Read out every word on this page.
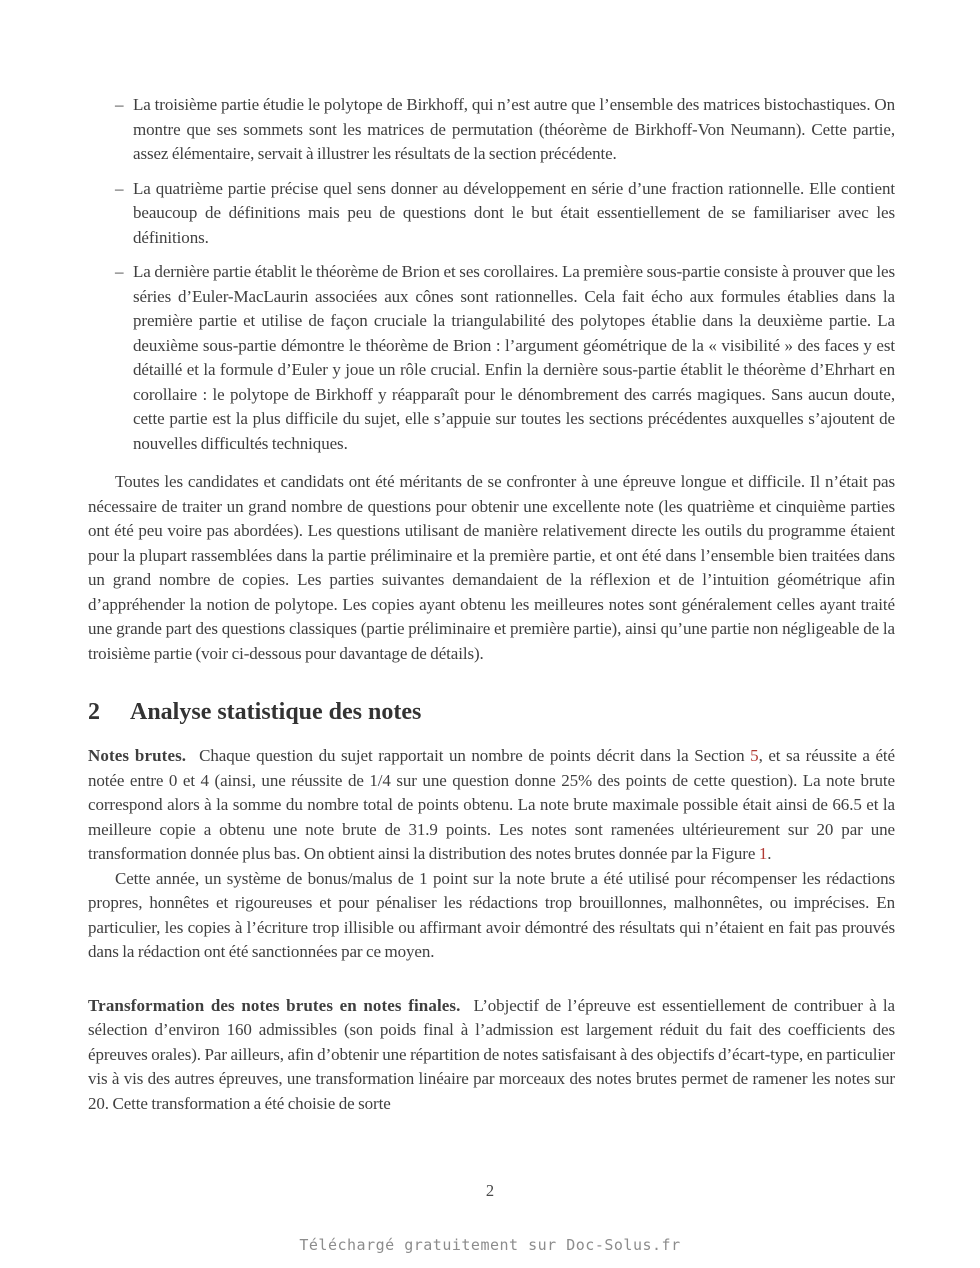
– La troisième partie étudie le polytope de Birkhoff, qui n’est autre que l’ensemble des matrices bistochastiques. On montre que ses sommets sont les matrices de permutation (théorème de Birkhoff-Von Neumann). Cette partie, assez élémentaire, servait à illustrer les résultats de la section précédente.
– La quatrième partie précise quel sens donner au développement en série d’une fraction rationnelle. Elle contient beaucoup de définitions mais peu de questions dont le but était essentiellement de se familiariser avec les définitions.
– La dernière partie établit le théorème de Brion et ses corollaires. La première sous-partie consiste à prouver que les séries d’Euler-MacLaurin associées aux cônes sont rationnelles. Cela fait écho aux formules établies dans la première partie et utilise de façon cruciale la triangulabilité des polytopes établie dans la deuxième partie. La deuxième sous-partie démontre le théorème de Brion : l’argument géométrique de la « visibilité » des faces y est détaillé et la formule d’Euler y joue un rôle crucial. Enfin la dernière sous-partie établit le théorème d’Ehrhart en corollaire : le polytope de Birkhoff y réapparaît pour le dénombrement des carrés magiques. Sans aucun doute, cette partie est la plus difficile du sujet, elle s’appuie sur toutes les sections précédentes auxquelles s’ajoutent de nouvelles difficultés techniques.

Toutes les candidates et candidats ont été méritants de se confronter à une épreuve longue et difficile. Il n’était pas nécessaire de traiter un grand nombre de questions pour obtenir une excellente note (les quatrième et cinquième parties ont été peu voire pas abordées). Les questions utilisant de manière relativement directe les outils du programme étaient pour la plupart rassemblées dans la partie préliminaire et la première partie, et ont été dans l’ensemble bien traitées dans un grand nombre de copies. Les parties suivantes demandaient de la réflexion et de l’intuition géométrique afin d’appréhender la notion de polytope. Les copies ayant obtenu les meilleures notes sont généralement celles ayant traité une grande part des questions classiques (partie préliminaire et première partie), ainsi qu’une partie non négligeable de la troisième partie (voir ci-dessous pour davantage de détails).

2 Analyse statistique des notes

Notes brutes. Chaque question du sujet rapportait un nombre de points décrit dans la Section 5, et sa réussite a été notée entre 0 et 4 (ainsi, une réussite de 1/4 sur une question donne 25% des points de cette question). La note brute correspond alors à la somme du nombre total de points obtenu. La note brute maximale possible était ainsi de 66.5 et la meilleure copie a obtenu une note brute de 31.9 points. Les notes sont ramenées ultérieurement sur 20 par une transformation donnée plus bas. On obtient ainsi la distribution des notes brutes donnée par la Figure 1.

Cette année, un système de bonus/malus de 1 point sur la note brute a été utilisé pour récompenser les rédactions propres, honnêtes et rigoureuses et pour pénaliser les rédactions trop brouillonnes, malhonnêtes, ou imprécises. En particulier, les copies à l’écriture trop illisible ou affirmant avoir démontré des résultats qui n’étaient en fait pas prouvés dans la rédaction ont été sanctionnées par ce moyen.

Transformation des notes brutes en notes finales. L’objectif de l’épreuve est essentiellement de contribuer à la sélection d’environ 160 admissibles (son poids final à l’admission est largement réduit du fait des coefficients des épreuves orales). Par ailleurs, afin d’obtenir une répartition de notes satisfaisant à des objectifs d’écart-type, en particulier vis à vis des autres épreuves, une transformation linéaire par morceaux des notes brutes permet de ramener les notes sur 20. Cette transformation a été choisie de sorte

2
Téléchargé gratuitement sur Doc-Solus.fr
